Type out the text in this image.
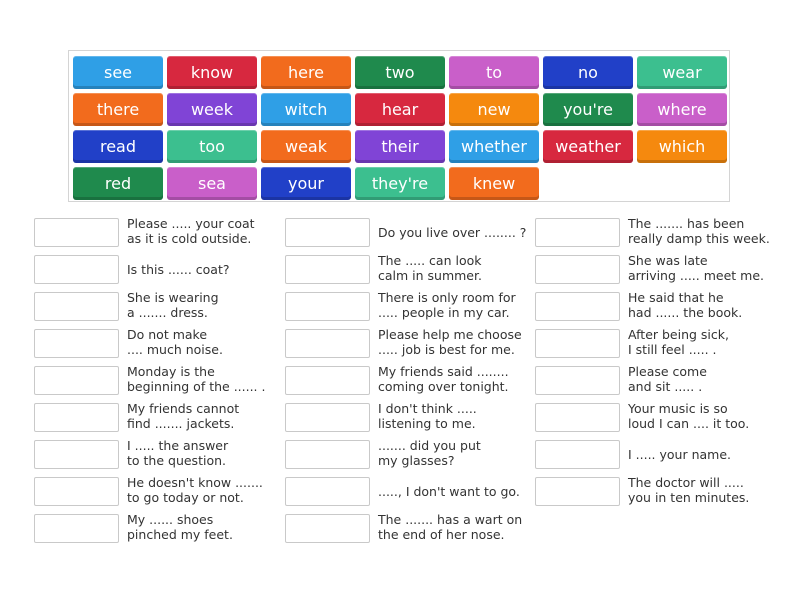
see	know	here	two	to	no	wear
there	week	witch	hear	new	you're	where
read	too	weak	their	whether	weather	which
red	sea	your	they're	knew
Please ..... your coat
as it is cold outside.
Is this ...... coat?
She is wearing
a ....... dress.
Do not make
.... much noise.
Monday is the
beginning of the ...... .
My friends cannot
find ....... jackets.
I ..... the answer
to the question.
He doesn't know .......
to go today or not.
My ...... shoes
pinched my feet.
Do you live over ........ ?
The ..... can look
calm in summer.
There is only room for
..... people in my car.
Please help me choose
..... job is best for me.
My friends said ........
coming over tonight.
I don't think .....
listening to me.
....... did you put
my glasses?
....., I don't want to go.
The ....... has a wart on
the end of her nose.
The ....... has been
really damp this week.
She was late
arriving ..... meet me.
He said that he
had ...... the book.
After being sick,
I still feel ..... .
Please come
and sit ..... .
Your music is so
loud I can .... it too.
I ..... your name.
The doctor will .....
you in ten minutes.
